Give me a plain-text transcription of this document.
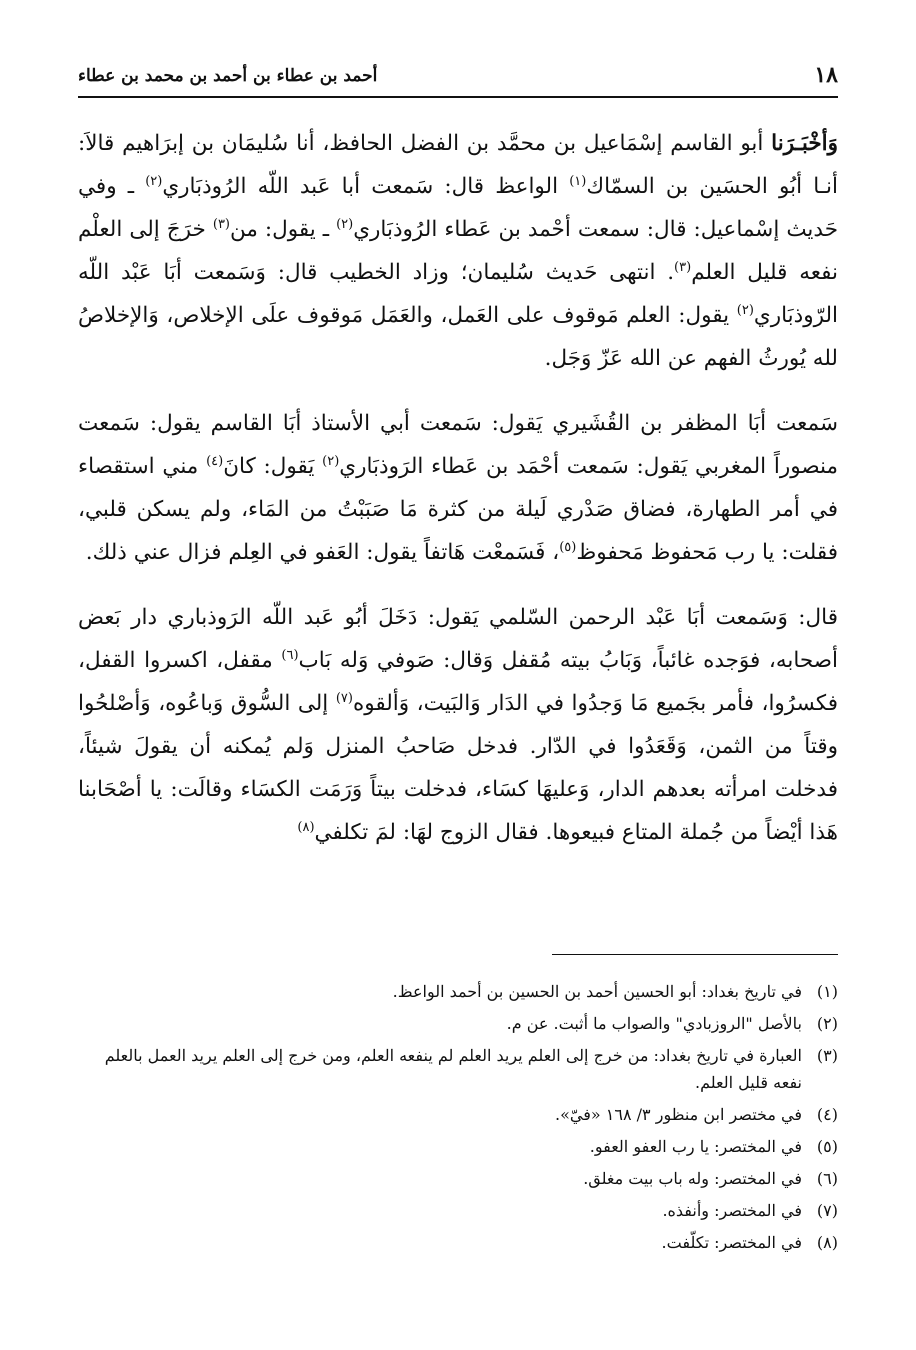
١٨
أحمد بن عطاء بن أحمد بن محمد بن عطاء

وَأخْبَـرَنا أبو القاسم إسْمَاعيل بن محمَّد بن الفضل الحافظ، أنا سُليمَان بن إبرَاهيم قالاَ: أنـا أبُو الحسَين بن السمّاك$^{(١)}$ الواعظ قال: سَمعت أبا عَبد اللّه الرُوذبَاري$^{(٢)}$ ـ وفي حَديث إسْماعيل: قال: سمعت أحْمد بن عَطاء الرُوذبَاري$^{(٢)}$ ـ يقول: من$^{(٣)}$ خرَجَ إلى العلْم نفعه قليل العلم$^{(٣)}$. انتهى حَديث سُليمان؛ وزاد الخطيب قال: وَسَمعت أبَا عَبْد اللّه الرّوذبَاري$^{(٢)}$ يقول: العلم مَوقوف على العَمل، والعَمَل مَوقوف علَى الإخلاص، وَالإخلاصُ لله يُورثُ الفهم عن الله عَزّ وَجَل.

سَمعت أبَا المظفر بن القُشَيري يَقول: سَمعت أبي الأستاذ أبَا القاسم يقول: سَمعت منصوراً المغربي يَقول: سَمعت أحْمَد بن عَطاء الرَوذبَاري$^{(٢)}$ يَقول: كانَ$^{(٤)}$ مني استقصاء في أمر الطهارة، فضاق صَدْري لَيلة من كثرة مَا صَبَبْتُ من المَاء، ولم يسكن قلبي، فقلت: يا رب مَحفوظ مَحفوظ$^{(٥)}$، فَسَمعْت هَاتفاً يقول: العَفو في العِلم فزال عني ذلك.

قال: وَسَمعت أبَا عَبْد الرحمن السّلمي يَقول: دَخَلَ أبُو عَبد اللّه الرَوذباري دار بَعض أصحابه، فوَجده غائباً، وَبَابُ بيته مُقفل وَقال: صَوفي وَله بَاب$^{(٦)}$ مقفل، اكسروا القفل، فكسرُوا، فأمر بجَميع مَا وَجدُوا في الدَار وَالبَيت، وَألقوه$^{(٧)}$ إلى السُّوق وَباعُوه، وَأصْلحُوا وقتاً من الثمن، وَقَعَدُوا في الدّار. فدخل صَاحبُ المنزل وَلم يُمكنه أن يقولَ شيئاً، فدخلت امرأته بعدهم الدار، وَعليهَا كسَاء، فدخلت بيتاً وَرَمَت الكسَاء وقالَت: يا أصْحَابنا هَذا أيْضاً من جُملة المتاع فبيعوها. فقال الزوج لهَا: لمَ تكلفي$^{(٨)}$

(١)
في تاريخ بغداد: أبو الحسين أحمد بن الحسين بن أحمد الواعظ.
(٢)
بالأصل "الروزبادي" والصواب ما أثبت. عن م.
(٣)
العبارة في تاريخ بغداد: من خرج إلى العلم يريد العلم لم ينفعه العلم، ومن خرج إلى العلم يريد العمل بالعلم نفعه قليل العلم.
(٤)
في مختصر ابن منظور ٣/ ١٦٨ «فيّ».
(٥)
في المختصر: يا رب العفو العفو.
(٦)
في المختصر: وله باب بيت مغلق.
(٧)
في المختصر: وأنفذه.
(٨)
في المختصر: تكلّفت.
